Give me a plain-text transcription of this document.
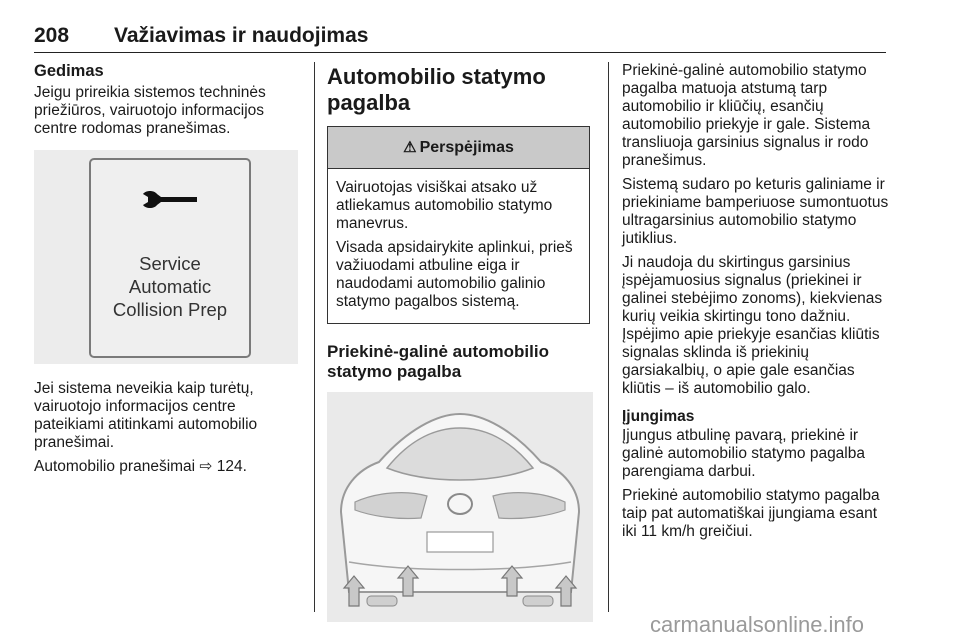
208 Važiavimas ir naudojimas
Gedimas

Jeigu prireikia sistemos techninės priežiūros, vairuotojo informacijos centre rodomas pranešimas.

Service
Automatic
Collision Prep

Jei sistema neveikia kaip turėtų, vairuotojo informacijos centre pateikiami atitinkami automobilio pranešimai.

Automobilio pranešimai ⇨ 124.

Automobilio statymo pagalba
⚠ Perspėjimas

Vairuotojas visiškai atsako už atliekamus automobilio statymo manevrus.

Visada apsidairykite aplinkui, prieš važiuodami atbuline eiga ir naudodami automobilio galinio statymo pagalbos sistemą.

Priekinė-galinė automobilio statymo pagalba

Priekinė-galinė automobilio statymo pagalba matuoja atstumą tarp automobilio ir kliūčių, esančių automobilio priekyje ir gale. Sistema transliuoja garsinius signalus ir rodo pranešimus.

Sistemą sudaro po keturis galiniame ir priekiniame bamperiuose sumontuotus ultragarsinius automobilio statymo jutiklius.

Ji naudoja du skirtingus garsinius įspėjamuosius signalus (priekinei ir galinei stebėjimo zonoms), kiekvienas kurių veikia skirtingu tono dažniu. Įspėjimo apie priekyje esančias kliūtis signalas sklinda iš priekinių garsiakalbių, o apie gale esančias kliūtis – iš automobilio galo.

Įjungimas

Įjungus atbulinę pavarą, priekinė ir galinė automobilio statymo pagalba parengiama darbui.

Priekinė automobilio statymo pagalba taip pat automatiškai įjungiama esant iki 11 km/h greičiui.

carmanualsonline.info
